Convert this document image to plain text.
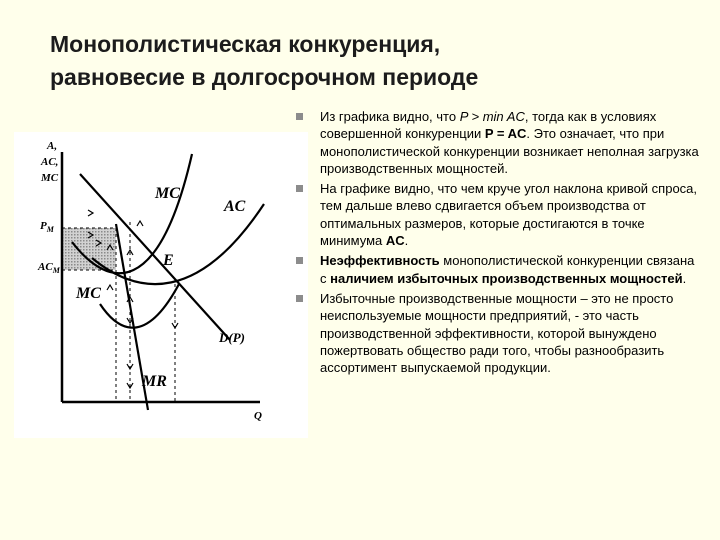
Монополистическая конкуренция,
равновесие в долгосрочном периоде
A,
AC,
MC
$P_M$
$AC_M$
MC
AC
E
MC
D(P)
MR
Q
Из графика видно, что P > min AC, тогда как в условиях совершенной конкуренции P = AC. Это означает, что при монополистической конкуренции возникает неполная загрузка производственных мощностей.
На графике видно, что чем круче угол наклона кривой спроса, тем дальше влево сдвигается объем производства от оптимальных размеров, которые достигаются в точке минимума AC.
Неэффективность монополистической конкуренции связана с наличием избыточных производственных мощностей.
Избыточные производственные мощности – это не просто неиспользуемые мощности предприятий, - это часть производственной эффективности, которой вынуждено пожертвовать общество ради того, чтобы разнообразить ассортимент выпускаемой продукции.
